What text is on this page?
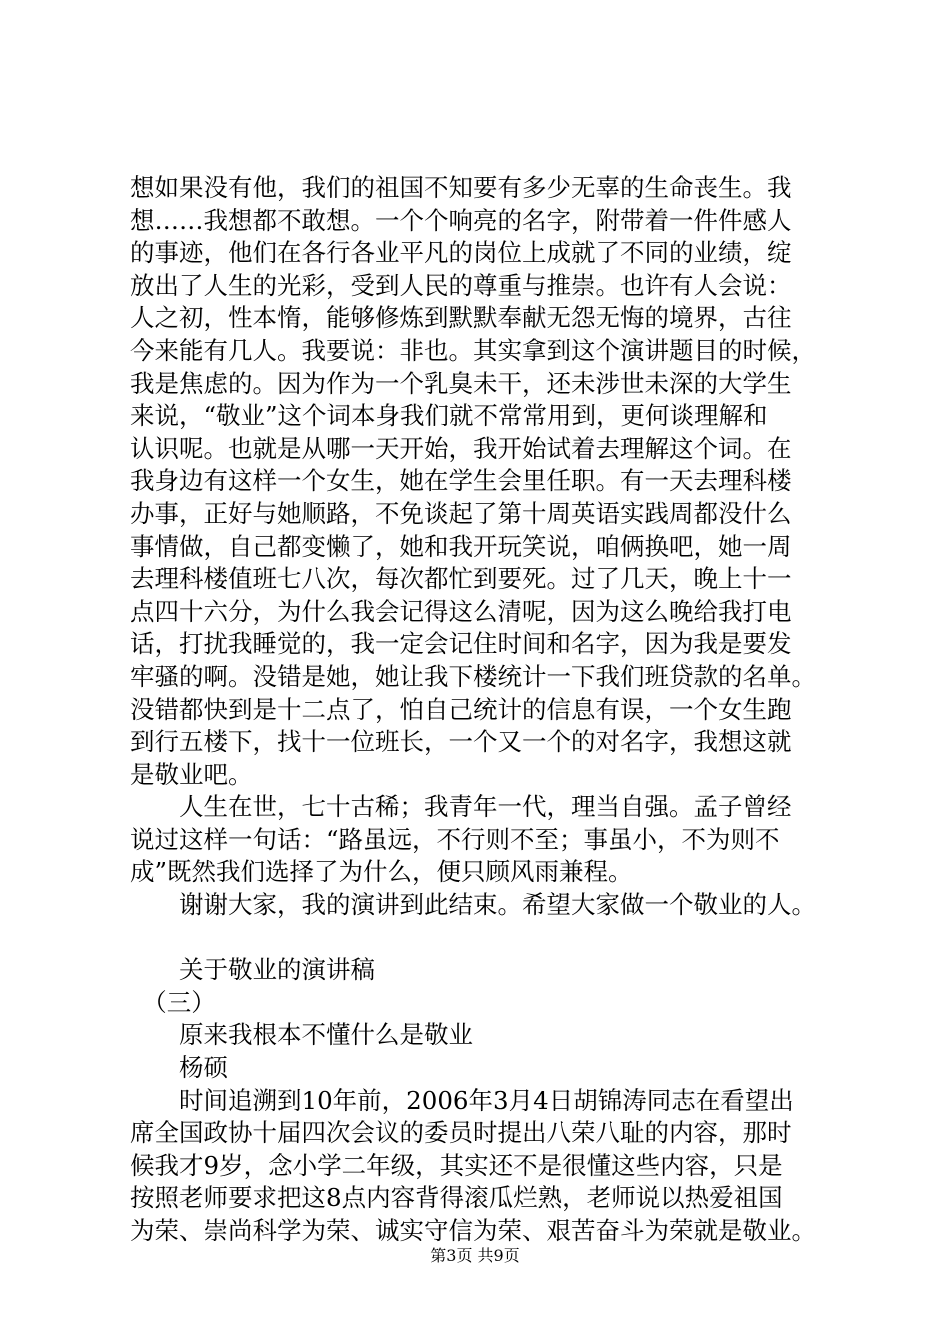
想如果没有他，我们的祖国不知要有多少无辜的生命丧生。我
想……我想都不敢想。一个个响亮的名字，附带着一件件感人
的事迹，他们在各行各业平凡的岗位上成就了不同的业绩，绽
放出了人生的光彩，受到人民的尊重与推崇。也许有人会说：
人之初，性本惰，能够修炼到默默奉献无怨无悔的境界，古往
今来能有几人。我要说：非也。其实拿到这个演讲题目的时候，
我是焦虑的。因为作为一个乳臭未干，还未涉世未深的大学生
来说，“敬业”这个词本身我们就不常常用到，更何谈理解和
认识呢。也就是从哪一天开始，我开始试着去理解这个词。在
我身边有这样一个女生，她在学生会里任职。有一天去理科楼
办事，正好与她顺路，不免谈起了第十周英语实践周都没什么
事情做，自己都变懒了，她和我开玩笑说，咱俩换吧，她一周
去理科楼值班七八次，每次都忙到要死。过了几天，晚上十一
点四十六分，为什么我会记得这么清呢，因为这么晚给我打电
话，打扰我睡觉的，我一定会记住时间和名字，因为我是要发
牢骚的啊。没错是她，她让我下楼统计一下我们班贷款的名单。
没错都快到是十二点了，怕自己统计的信息有误，一个女生跑
到行五楼下，找十一位班长，一个又一个的对名字，我想这就
是敬业吧。
　　人生在世，七十古稀；我青年一代，理当自强。孟子曾经
说过这样一句话：“路虽远，不行则不至；事虽小，不为则不
成”既然我们选择了为什么，便只顾风雨兼程。
　　谢谢大家，我的演讲到此结束。希望大家做一个敬业的人。
　　关于敬业的演讲稿
　（三）
　　原来我根本不懂什么是敬业
　　杨硕
　　时间追溯到10年前，2006年3月4日胡锦涛同志在看望出
席全国政协十届四次会议的委员时提出八荣八耻的内容，那时
候我才9岁，念小学二年级，其实还不是很懂这些内容，只是
按照老师要求把这8点内容背得滚瓜烂熟，老师说以热爱祖国
为荣、崇尚科学为荣、诚实守信为荣、艰苦奋斗为荣就是敬业。
第3页 共9页
